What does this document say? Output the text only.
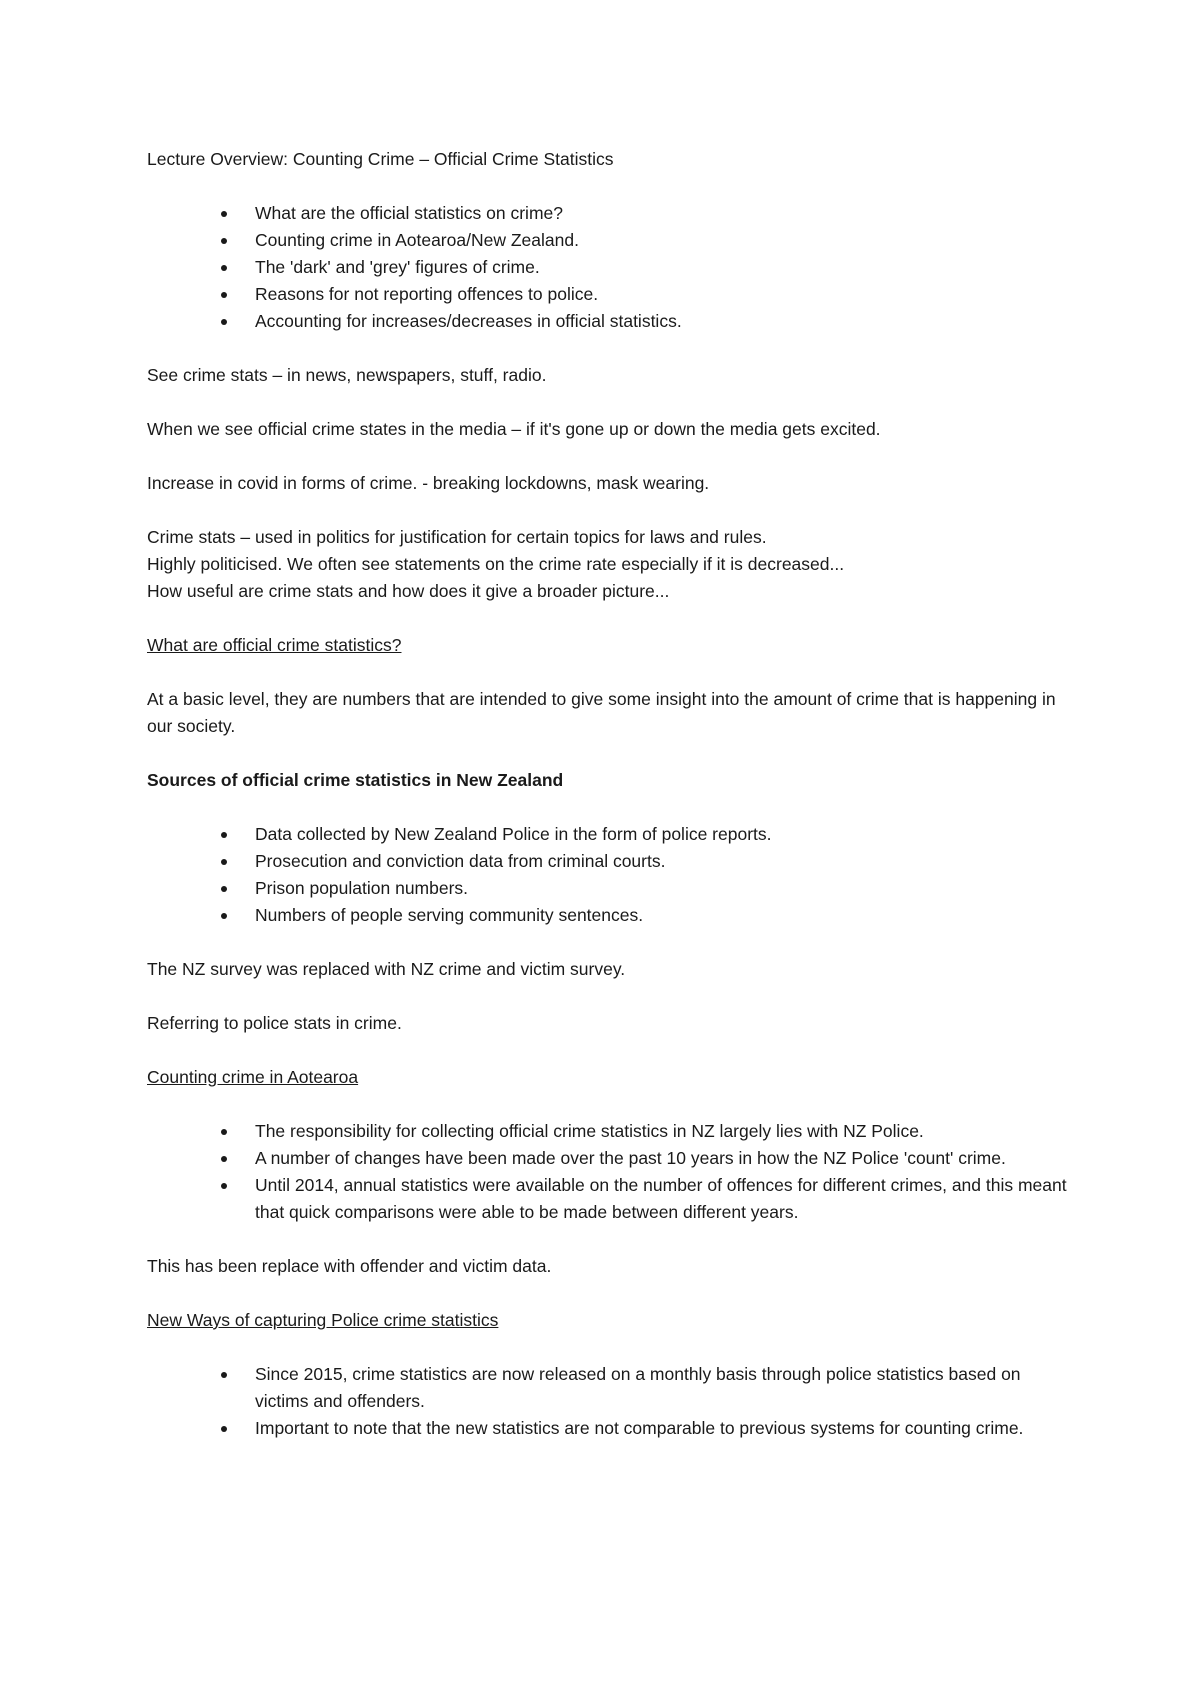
Lecture Overview: Counting Crime – Official Crime Statistics

What are the official statistics on crime?
Counting crime in Aotearoa/New Zealand.
The 'dark' and 'grey' figures of crime.
Reasons for not reporting offences to police.
Accounting for increases/decreases in official statistics.

See crime stats – in news, newspapers, stuff, radio.

When we see official crime states in the media – if it's gone up or down the media gets excited.

Increase in covid in forms of crime. - breaking lockdowns, mask wearing.

Crime stats – used in politics for justification for certain topics for laws and rules.

Highly politicised. We often see statements on the crime rate especially if it is decreased...

How useful are crime stats and how does it give a broader picture...

What are official crime statistics?

At a basic level, they are numbers that are intended to give some insight into the amount of crime that is happening in our society.

Sources of official crime statistics in New Zealand

Data collected by New Zealand Police in the form of police reports.
Prosecution and conviction data from criminal courts.
Prison population numbers.
Numbers of people serving community sentences.

The NZ survey was replaced with NZ crime and victim survey.

Referring to police stats in crime.

Counting crime in Aotearoa

The responsibility for collecting official crime statistics in NZ largely lies with NZ Police.
A number of changes have been made over the past 10 years in how the NZ Police 'count' crime.
Until 2014, annual statistics were available on the number of offences for different crimes, and this meant that quick comparisons were able to be made between different years.

This has been replace with offender and victim data.

New Ways of capturing Police crime statistics

Since 2015, crime statistics are now released on a monthly basis through police statistics based on victims and offenders.
Important to note that the new statistics are not comparable to previous systems for counting crime.
